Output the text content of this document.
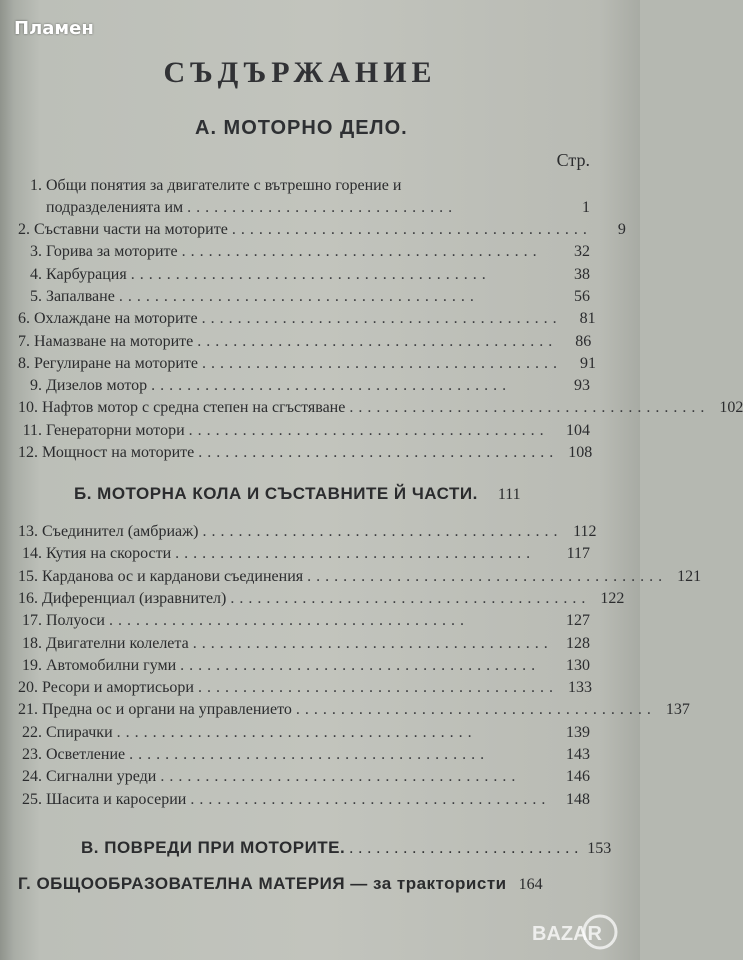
Пламен
СЪДЪРЖАНИЕ
А. МОТОРНО ДЕЛО.
Стр.
1. Общи понятия за двигателите с вътрешно горение и
подразделенията им ..............................	1
2. Съставни части на моторите ........................................	9
3. Горива за моторите ........................................	32
4. Карбурация ........................................	38
5. Запалване ........................................	56
6. Охлаждане на моторите ........................................	81
7. Намазване на моторите ........................................	86
8. Регулиране на моторите ........................................	91
9. Дизелов мотор ........................................	93
10. Нафтов мотор с средна степен на сгъстяване ........................................ 102
11. Генераторни мотори ........................................	104
12. Мощност на моторите ........................................ 108
Б. МОТОРНА КОЛА И СЪСТАВНИТЕ Й ЧАСТИ. 111
13. Съединител (амбриаж) ........................................ 112
14. Кутия на скорости ........................................	117
15. Карданова ос и карданови съединения ........................................ 121
16. Диференциал (изравнител) ........................................ 122
17. Полуоси ........................................	127
18. Двигателни колелета ........................................ 128
19. Автомобилни гуми ........................................	130
20. Ресори и амортисьори ........................................ 133
21. Предна ос и органи на управлението ........................................ 137
22. Спирачки ........................................	139
23. Осветление ........................................	143
24. Сигнални уреди ........................................	146
25. Шасита и каросерии ........................................ 148
В. ПОВРЕДИ ПРИ МОТОРИТЕ. .......................... 153
Г. ОБЩООБРАЗОВАТЕЛНА МАТЕРИЯ — за трактористи 164
BAZAR
